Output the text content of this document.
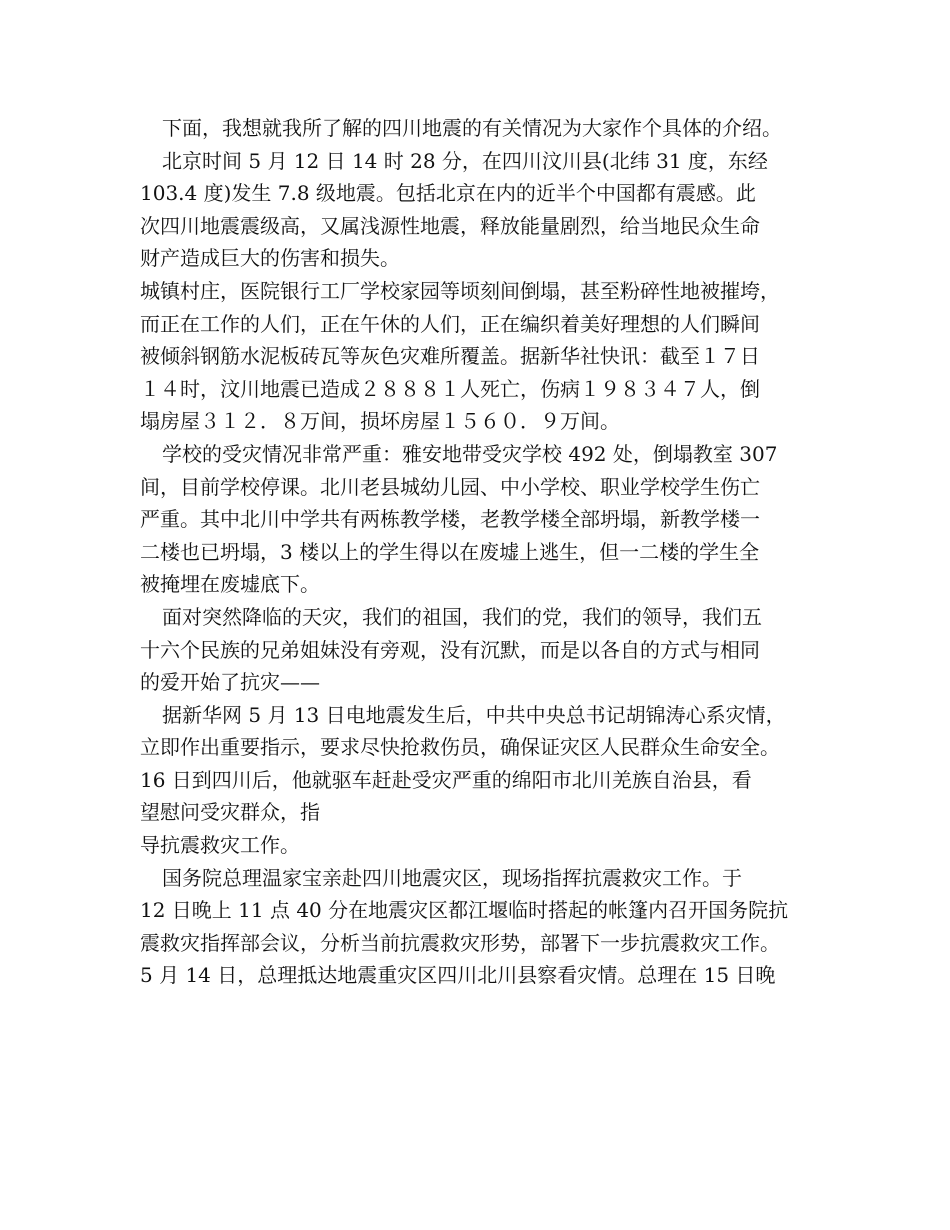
下面，我想就我所了解的四川地震的有关情况为大家作个具体的介绍。
北京时间 5 月 12 日 14 时 28 分，在四川汶川县(北纬 31 度，东经
103.4 度)发生 7.8 级地震。包括北京在内的近半个中国都有震感。此
次四川地震震级高，又属浅源性地震，释放能量剧烈，给当地民众生命
财产造成巨大的伤害和损失。
城镇村庄，医院银行工厂学校家园等顷刻间倒塌，甚至粉碎性地被摧垮，
而正在工作的人们，正在午休的人们，正在编织着美好理想的人们瞬间
被倾斜钢筋水泥板砖瓦等灰色灾难所覆盖。据新华社快讯：截至１７日
１４时，汶川地震已造成２８８８１人死亡，伤病１９８３４７人，倒
塌房屋３１２．８万间，损坏房屋１５６０．９万间。
学校的受灾情况非常严重：雅安地带受灾学校 492 处，倒塌教室 307
间，目前学校停课。北川老县城幼儿园、中小学校、职业学校学生伤亡
严重。其中北川中学共有两栋教学楼，老教学楼全部坍塌，新教学楼一
二楼也已坍塌，3 楼以上的学生得以在废墟上逃生，但一二楼的学生全
被掩埋在废墟底下。
面对突然降临的天灾，我们的祖国，我们的党，我们的领导，我们五
十六个民族的兄弟姐妹没有旁观，没有沉默，而是以各自的方式与相同
的爱开始了抗灾——
据新华网 5 月 13 日电地震发生后，中共中央总书记胡锦涛心系灾情，
立即作出重要指示，要求尽快抢救伤员，确保证灾区人民群众生命安全。
16 日到四川后，他就驱车赶赴受灾严重的绵阳市北川羌族自治县，看
望慰问受灾群众，指
导抗震救灾工作。
国务院总理温家宝亲赴四川地震灾区，现场指挥抗震救灾工作。于
12 日晚上 11 点 40 分在地震灾区都江堰临时搭起的帐篷内召开国务院抗
震救灾指挥部会议，分析当前抗震救灾形势，部署下一步抗震救灾工作。
5 月 14 日，总理抵达地震重灾区四川北川县察看灾情。总理在 15 日晚
